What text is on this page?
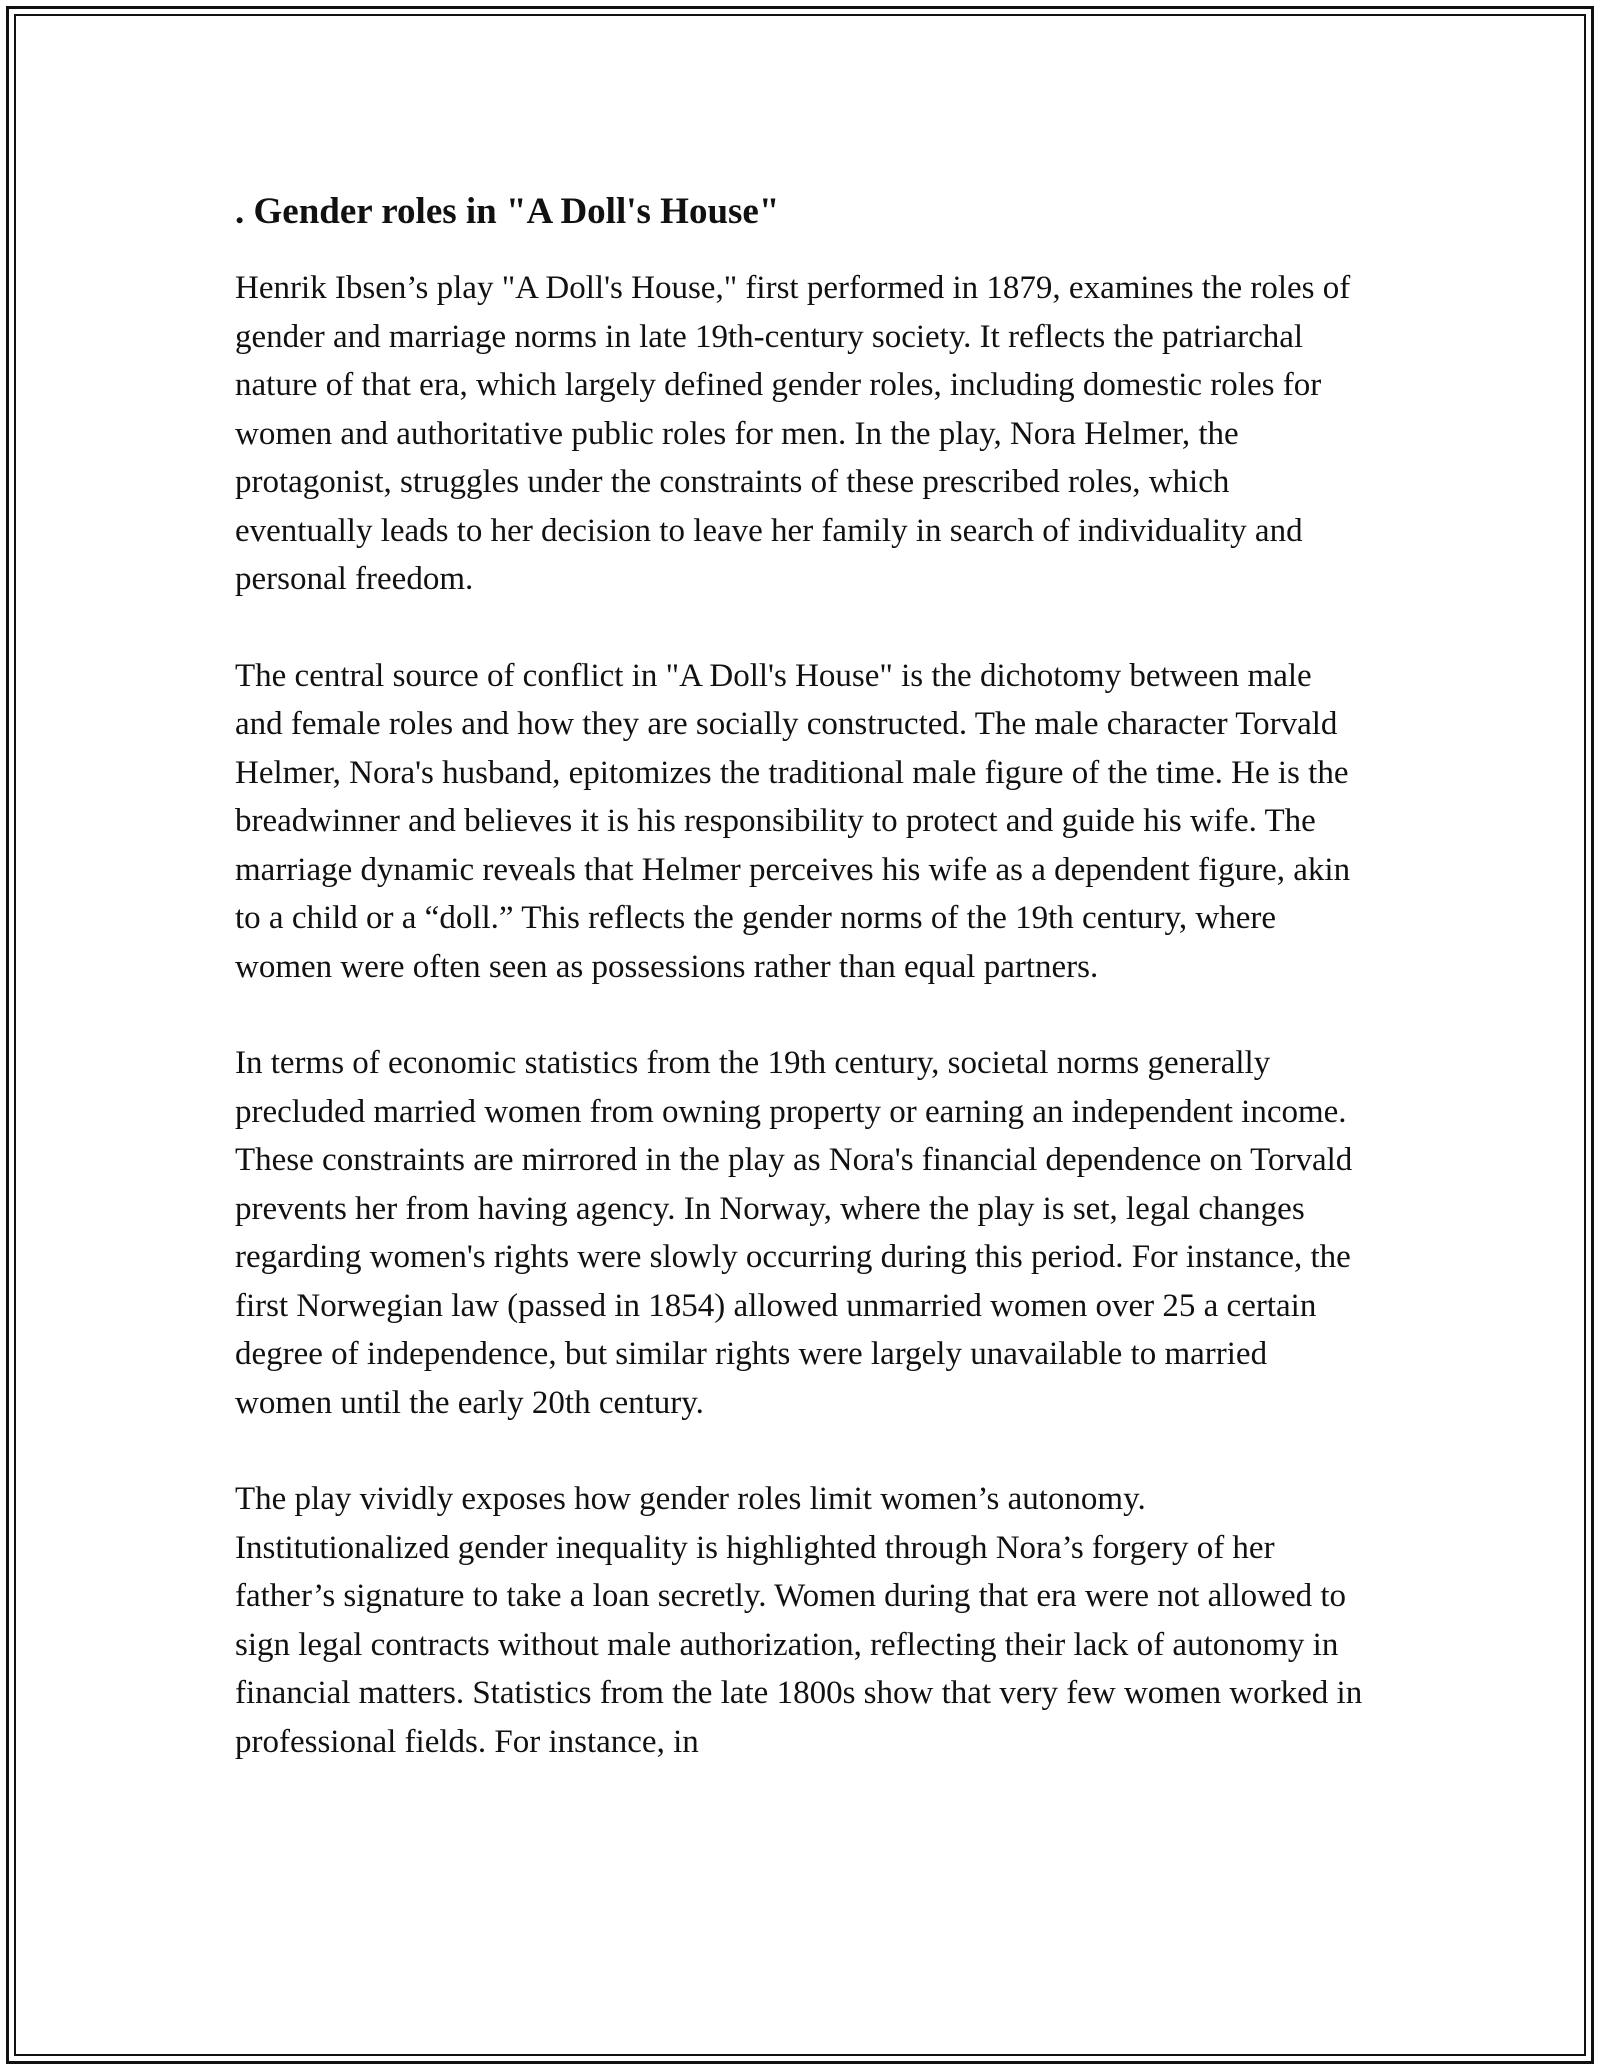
. Gender roles in "A Doll's House"

Henrik Ibsen’s play "A Doll's House," first performed in 1879, examines the roles of gender and marriage norms in late 19th-century society. It reflects the patriarchal nature of that era, which largely defined gender roles, including domestic roles for women and authoritative public roles for men. In the play, Nora Helmer, the protagonist, struggles under the constraints of these prescribed roles, which eventually leads to her decision to leave her family in search of individuality and personal freedom.

The central source of conflict in "A Doll's House" is the dichotomy between male and female roles and how they are socially constructed. The male character Torvald Helmer, Nora's husband, epitomizes the traditional male figure of the time. He is the breadwinner and believes it is his responsibility to protect and guide his wife. The marriage dynamic reveals that Helmer perceives his wife as a dependent figure, akin to a child or a “doll.” This reflects the gender norms of the 19th century, where women were often seen as possessions rather than equal partners.

In terms of economic statistics from the 19th century, societal norms generally precluded married women from owning property or earning an independent income. These constraints are mirrored in the play as Nora's financial dependence on Torvald prevents her from having agency. In Norway, where the play is set, legal changes regarding women's rights were slowly occurring during this period. For instance, the first Norwegian law (passed in 1854) allowed unmarried women over 25 a certain degree of independence, but similar rights were largely unavailable to married women until the early 20th century.

The play vividly exposes how gender roles limit women’s autonomy. Institutionalized gender inequality is highlighted through Nora’s forgery of her father’s signature to take a loan secretly. Women during that era were not allowed to sign legal contracts without male authorization, reflecting their lack of autonomy in financial matters. Statistics from the late 1800s show that very few women worked in professional fields. For instance, in
